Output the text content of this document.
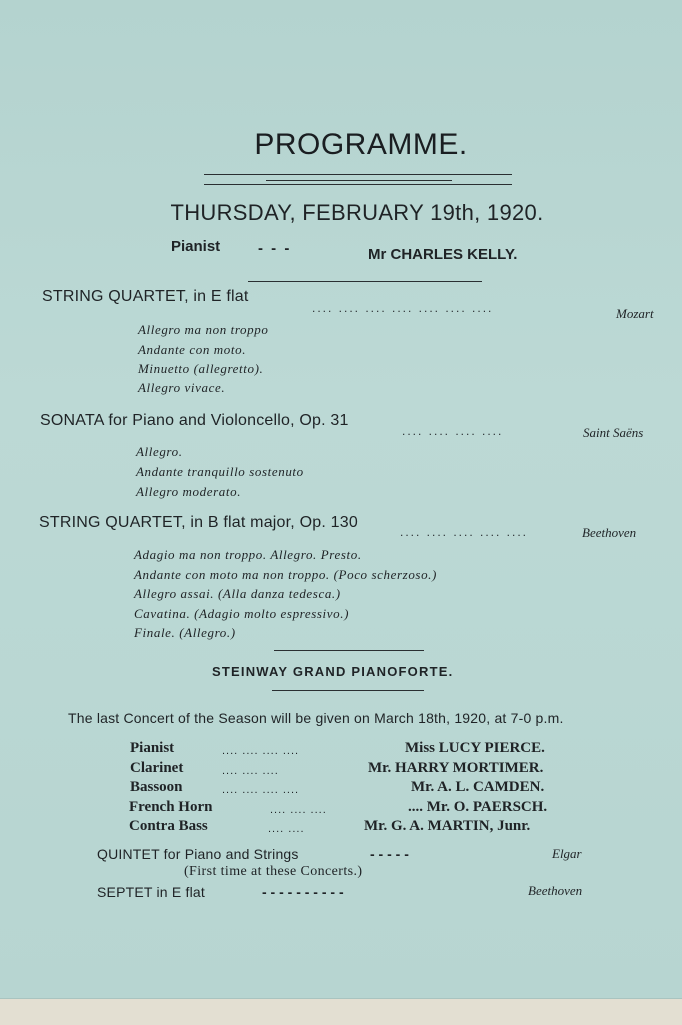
PROGRAMME.
THURSDAY, FEBRUARY 19th, 1920.
Pianist	- - -	Mr CHARLES KELLY.
STRING QUARTET, in E flat
.... .... .... .... .... .... ....	Mozart
Allegro ma non troppo
Andante con moto.
Minuetto (allegretto).
Allegro vivace.
SONATA for Piano and Violoncello, Op. 31
.... .... .... ....	Saint Saëns
Allegro.
Andante tranquillo sostenuto
Allegro moderato.
STRING QUARTET, in B flat major, Op. 130
.... .... .... .... ....	Beethoven
Adagio ma non troppo. Allegro. Presto.
Andante con moto ma non troppo. (Poco scherzoso.)
Allegro assai. (Alla danza tedesca.)
Cavatina. (Adagio molto espressivo.)
Finale. (Allegro.)
STEINWAY GRAND PIANOFORTE.
The last Concert of the Season will be given on March 18th, 1920, at 7-0 p.m.
Pianist	.... .... .... ....	Miss LUCY PIERCE.
Clarinet	.... .... ....	Mr. HARRY MORTIMER.
Bassoon	.... .... .... ....	Mr. A. L. CAMDEN.
French Horn	.... .... ....	.... Mr. O. PAERSCH.
Contra Bass	.... ....	Mr. G. A. MARTIN, Junr.
QUINTET for Piano and Strings	- - - - -	Elgar
(First time at these Concerts.)
SEPTET in E flat	- - - - - - - - - -	Beethoven
